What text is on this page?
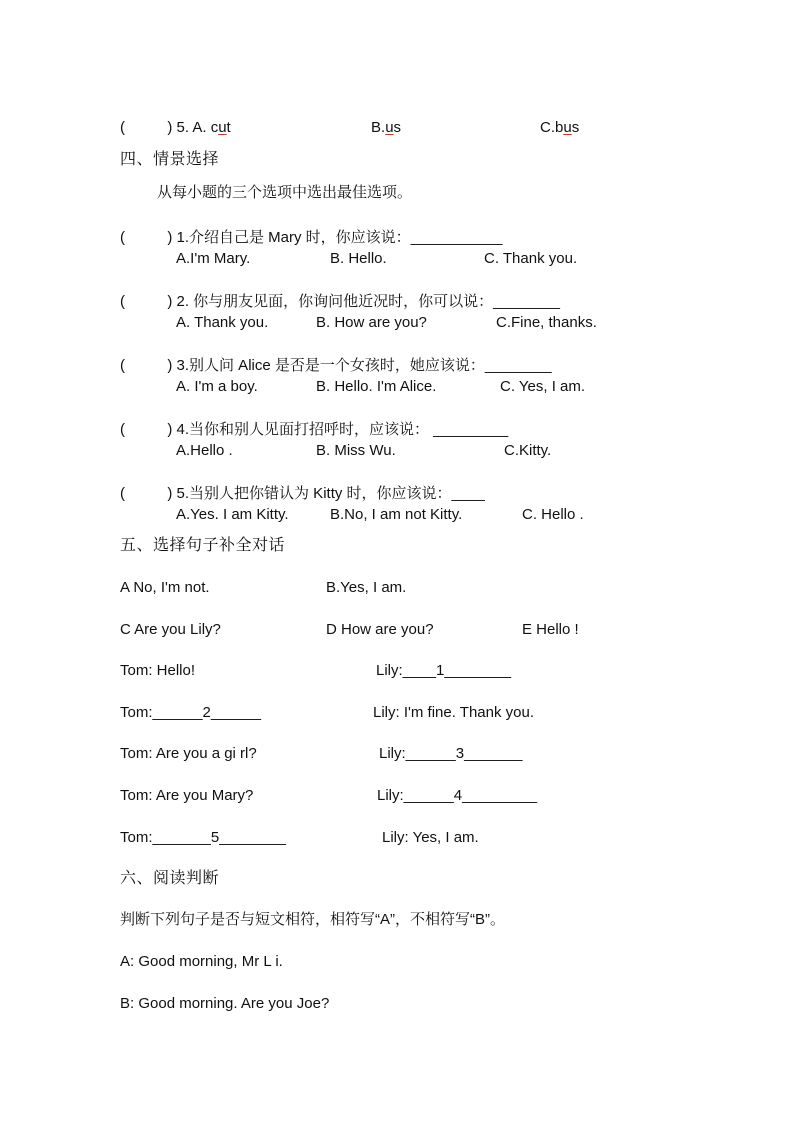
(	) 5. A. cut	B.us	C.bus
四、情景选择
从每小题的三个选项中选出最佳选项。
(	) 1.介绍自己是 Mary 时，你应该说：___________
A.I'm Mary.	B. Hello.	C. Thank you.
(	) 2. 你与朋友见面，你询问他近况时，你可以说：________
A. Thank you.	B. How are you?	C.Fine, thanks.
(	) 3.别人问 Alice 是否是一个女孩时，她应该说：________
A. I'm a boy.	B. Hello. I'm Alice.	C. Yes, I am.
(	) 4.当你和别人见面打招呼时，应该说： _________
A.Hello .	B. Miss Wu.	C.Kitty.
(	) 5.当别人把你错认为 Kitty 时，你应该说：____
A.Yes. I am Kitty.	B.No, I am not Kitty.	C. Hello .
五、选择句子补全对话
A No, I'm not.	B.Yes, I am.
C Are you Lily?	D How are you?	E Hello !
Tom: Hello!	Lily:____1________
Tom:______2______	Lily: I'm fine. Thank you.
Tom: Are you a gi rl?	Lily:______3_______
Tom: Are you Mary?	Lily:______4_________
Tom:_______5________	Lily: Yes, I am.
六、阅读判断
判断下列句子是否与短文相符，相符写“A”，不相符写“B”。
A: Good morning, Mr L i.
B: Good morning. Are you Joe?
